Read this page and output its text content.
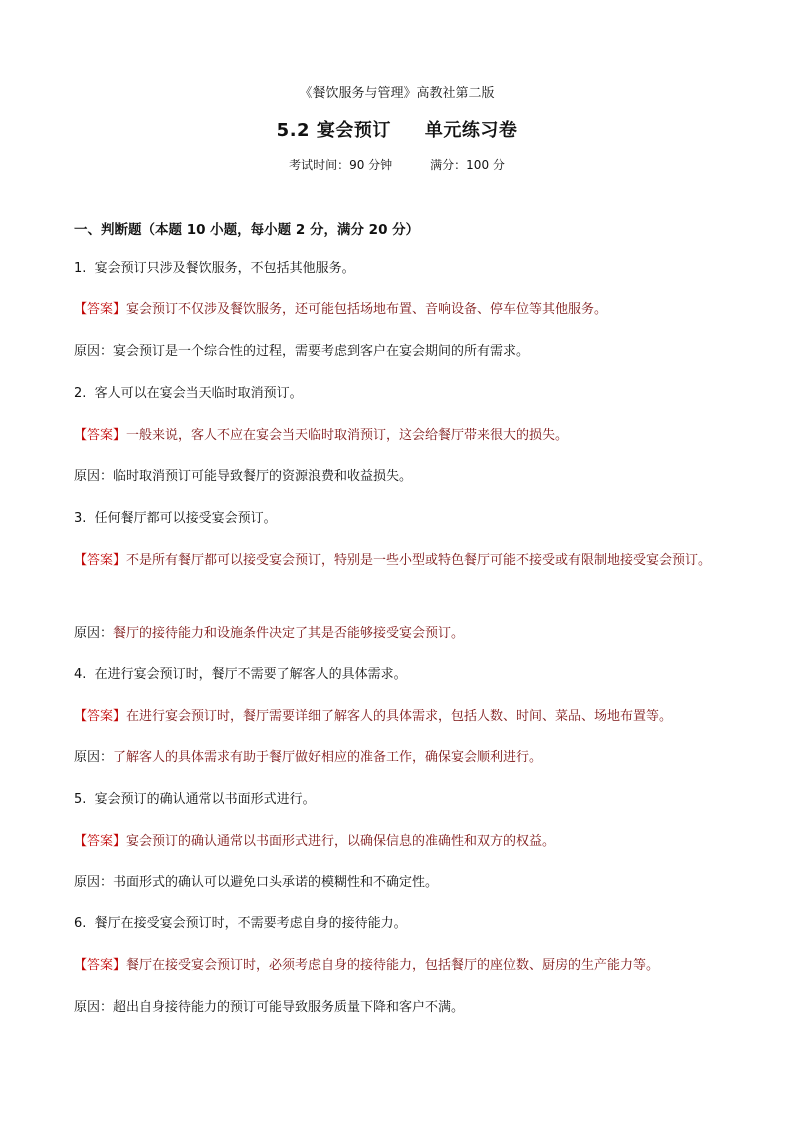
《餐饮服务与管理》高教社第二版
5.2 宴会预订 单元练习卷
考试时间：90 分钟	满分：100 分
一、判断题（本题 10 小题，每小题 2 分，满分 20 分）
1. 宴会预订只涉及餐饮服务，不包括其他服务。
【答案】宴会预订不仅涉及餐饮服务，还可能包括场地布置、音响设备、停车位等其他服务。
原因：宴会预订是一个综合性的过程，需要考虑到客户在宴会期间的所有需求。
2. 客人可以在宴会当天临时取消预订。
【答案】一般来说，客人不应在宴会当天临时取消预订，这会给餐厅带来很大的损失。
原因：临时取消预订可能导致餐厅的资源浪费和收益损失。
3. 任何餐厅都可以接受宴会预订。
【答案】不是所有餐厅都可以接受宴会预订，特别是一些小型或特色餐厅可能不接受或有限制地接受宴会预订。
原因：餐厅的接待能力和设施条件决定了其是否能够接受宴会预订。
4. 在进行宴会预订时，餐厅不需要了解客人的具体需求。
【答案】在进行宴会预订时，餐厅需要详细了解客人的具体需求，包括人数、时间、菜品、场地布置等。
原因：了解客人的具体需求有助于餐厅做好相应的准备工作，确保宴会顺利进行。
5. 宴会预订的确认通常以书面形式进行。
【答案】宴会预订的确认通常以书面形式进行，以确保信息的准确性和双方的权益。
原因：书面形式的确认可以避免口头承诺的模糊性和不确定性。
6. 餐厅在接受宴会预订时，不需要考虑自身的接待能力。
【答案】餐厅在接受宴会预订时，必须考虑自身的接待能力，包括餐厅的座位数、厨房的生产能力等。
原因：超出自身接待能力的预订可能导致服务质量下降和客户不满。
